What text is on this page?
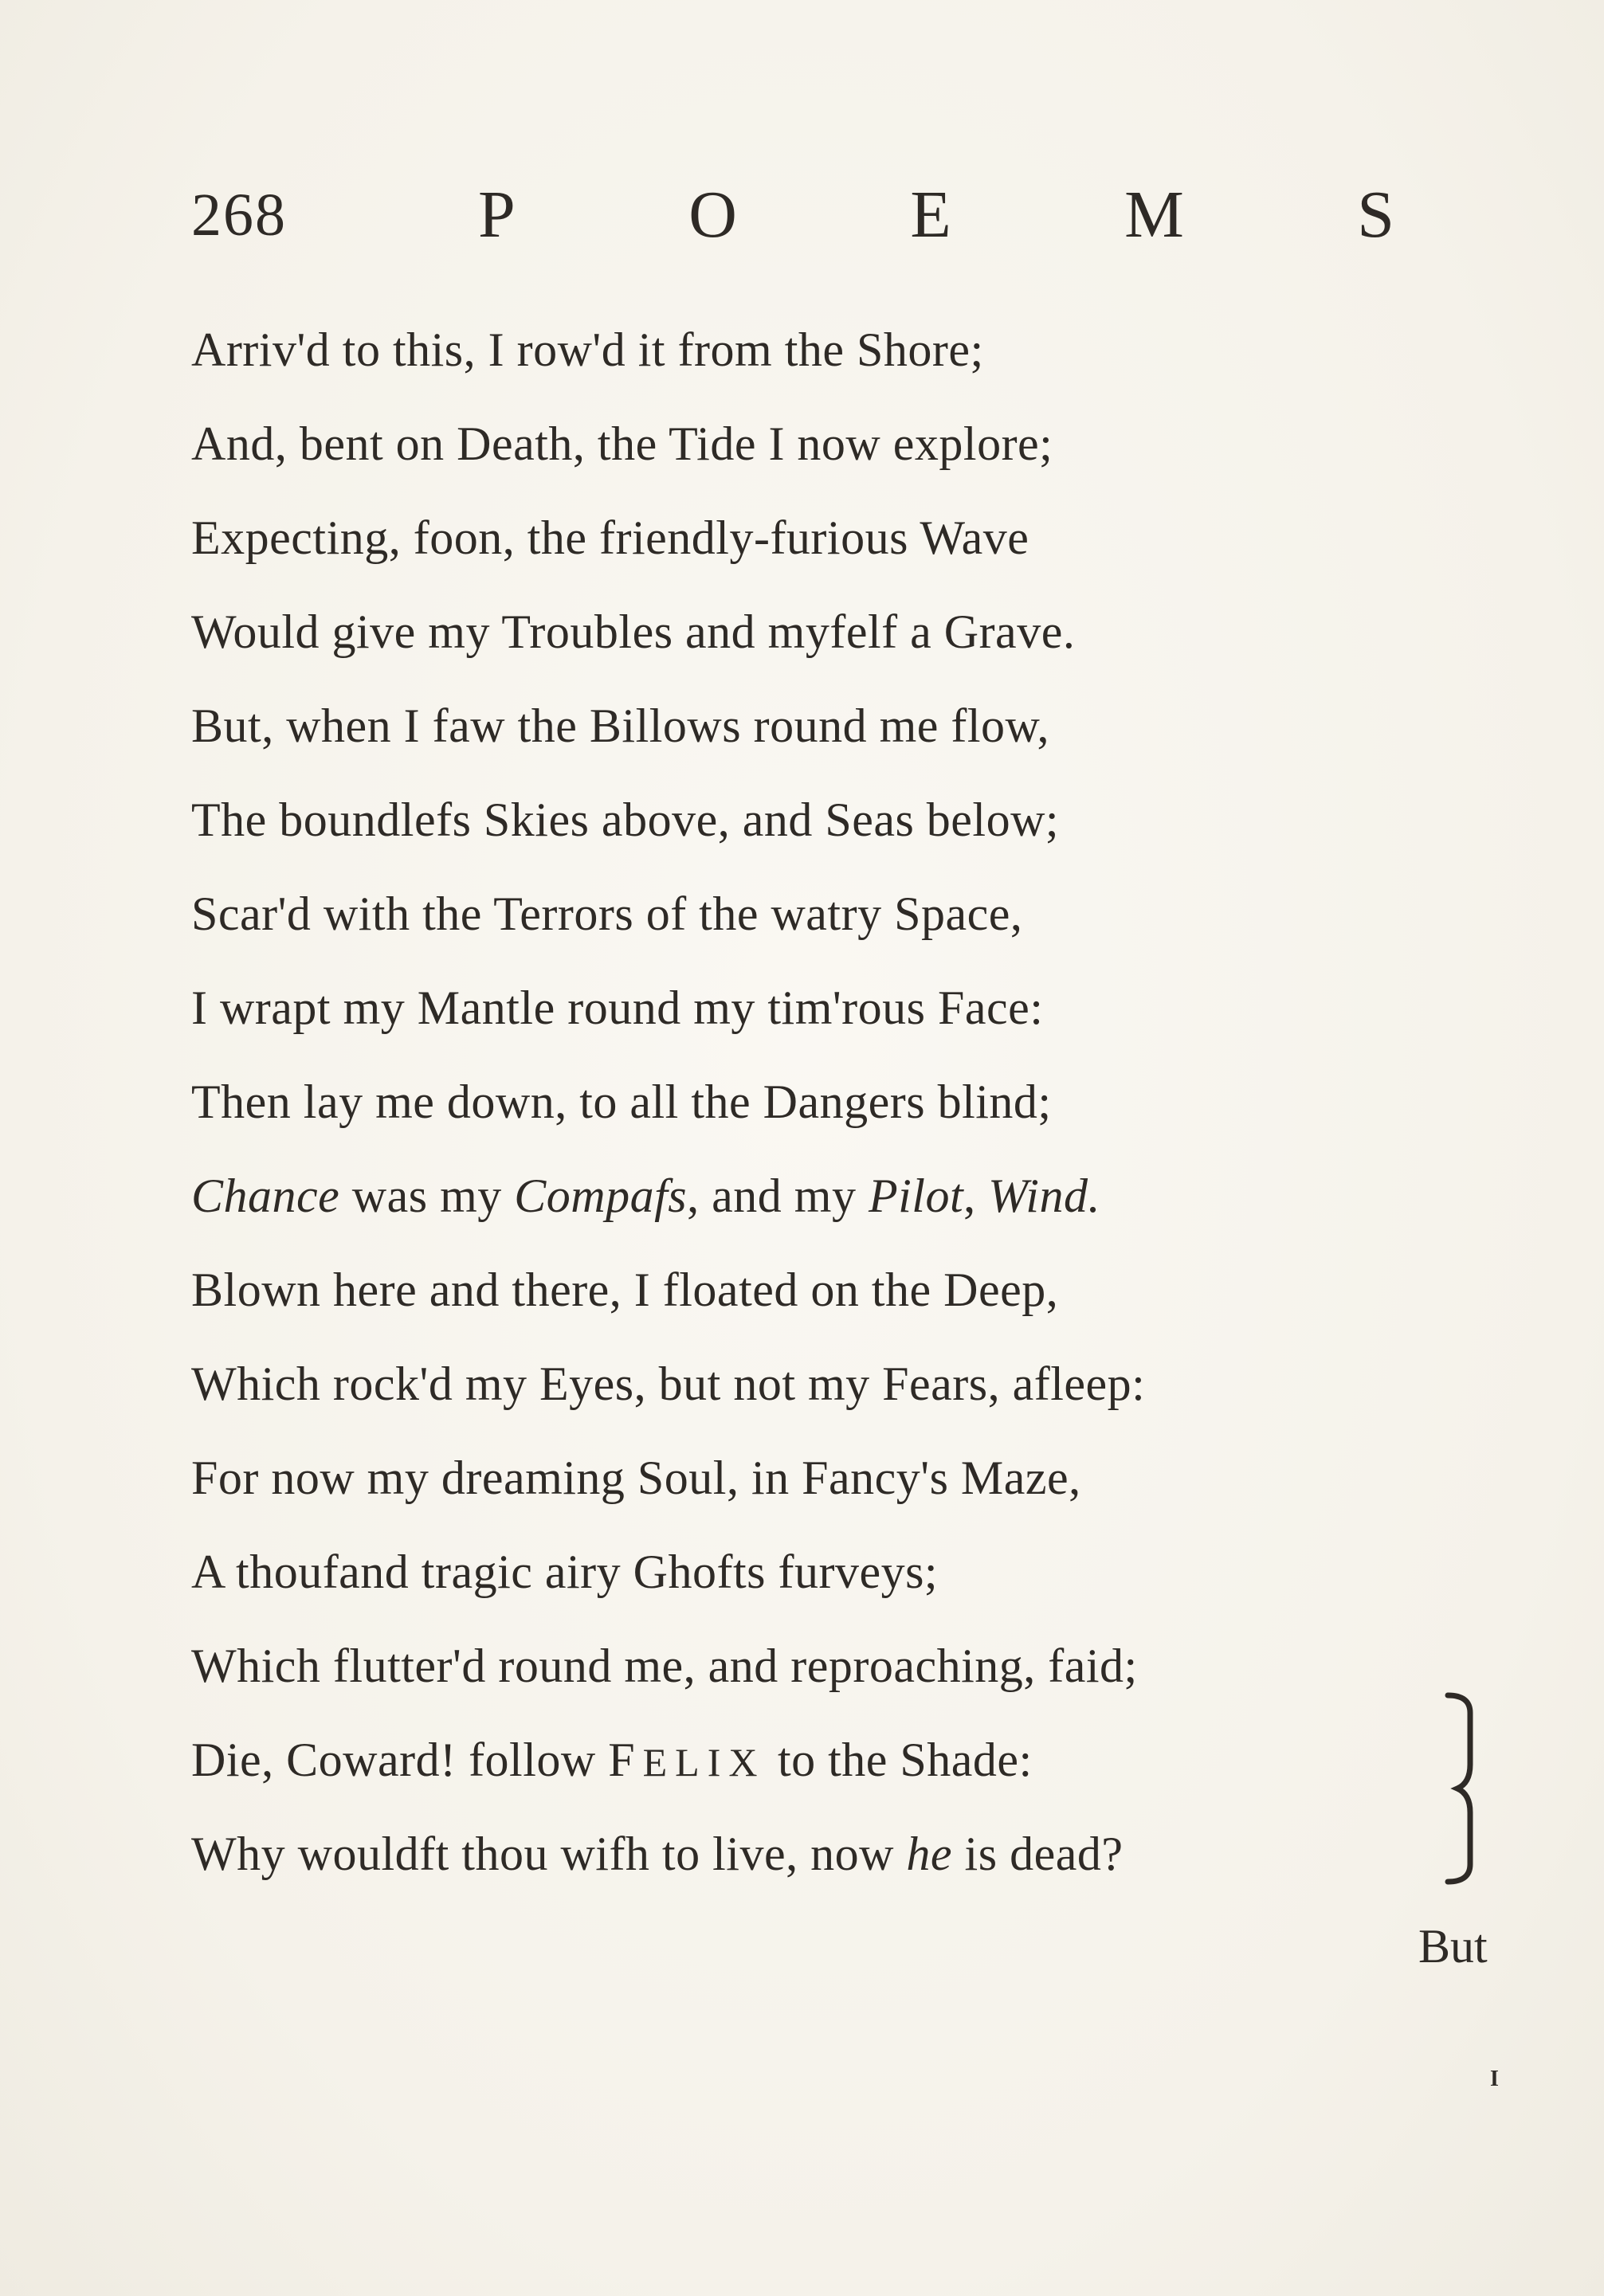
268	P	O	E	M	S
Arriv'd to this, I row'd it from the Shore;
And, bent on Death, the Tide I now explore;
Expecting, foon, the friendly-furious Wave
Would give my Troubles and myfelf a Grave.
But, when I faw the Billows round me flow,
The boundlefs Skies above, and Seas below;
Scar'd with the Terrors of the watry Space,
I wrapt my Mantle round my tim'rous Face:
Then lay me down, to all the Dangers blind;
Chance was my Compafs, and my Pilot, Wind.
Blown here and there, I floated on the Deep,
Which rock'd my Eyes, but not my Fears, afleep:
For now my dreaming Soul, in Fancy's Maze,
A thoufand tragic airy Ghofts furveys;
Which flutter'd round me, and reproaching, faid;
Die, Coward! follow FELIX to the Shade:
Why wouldft thou wifh to live, now he is dead?
But
I
